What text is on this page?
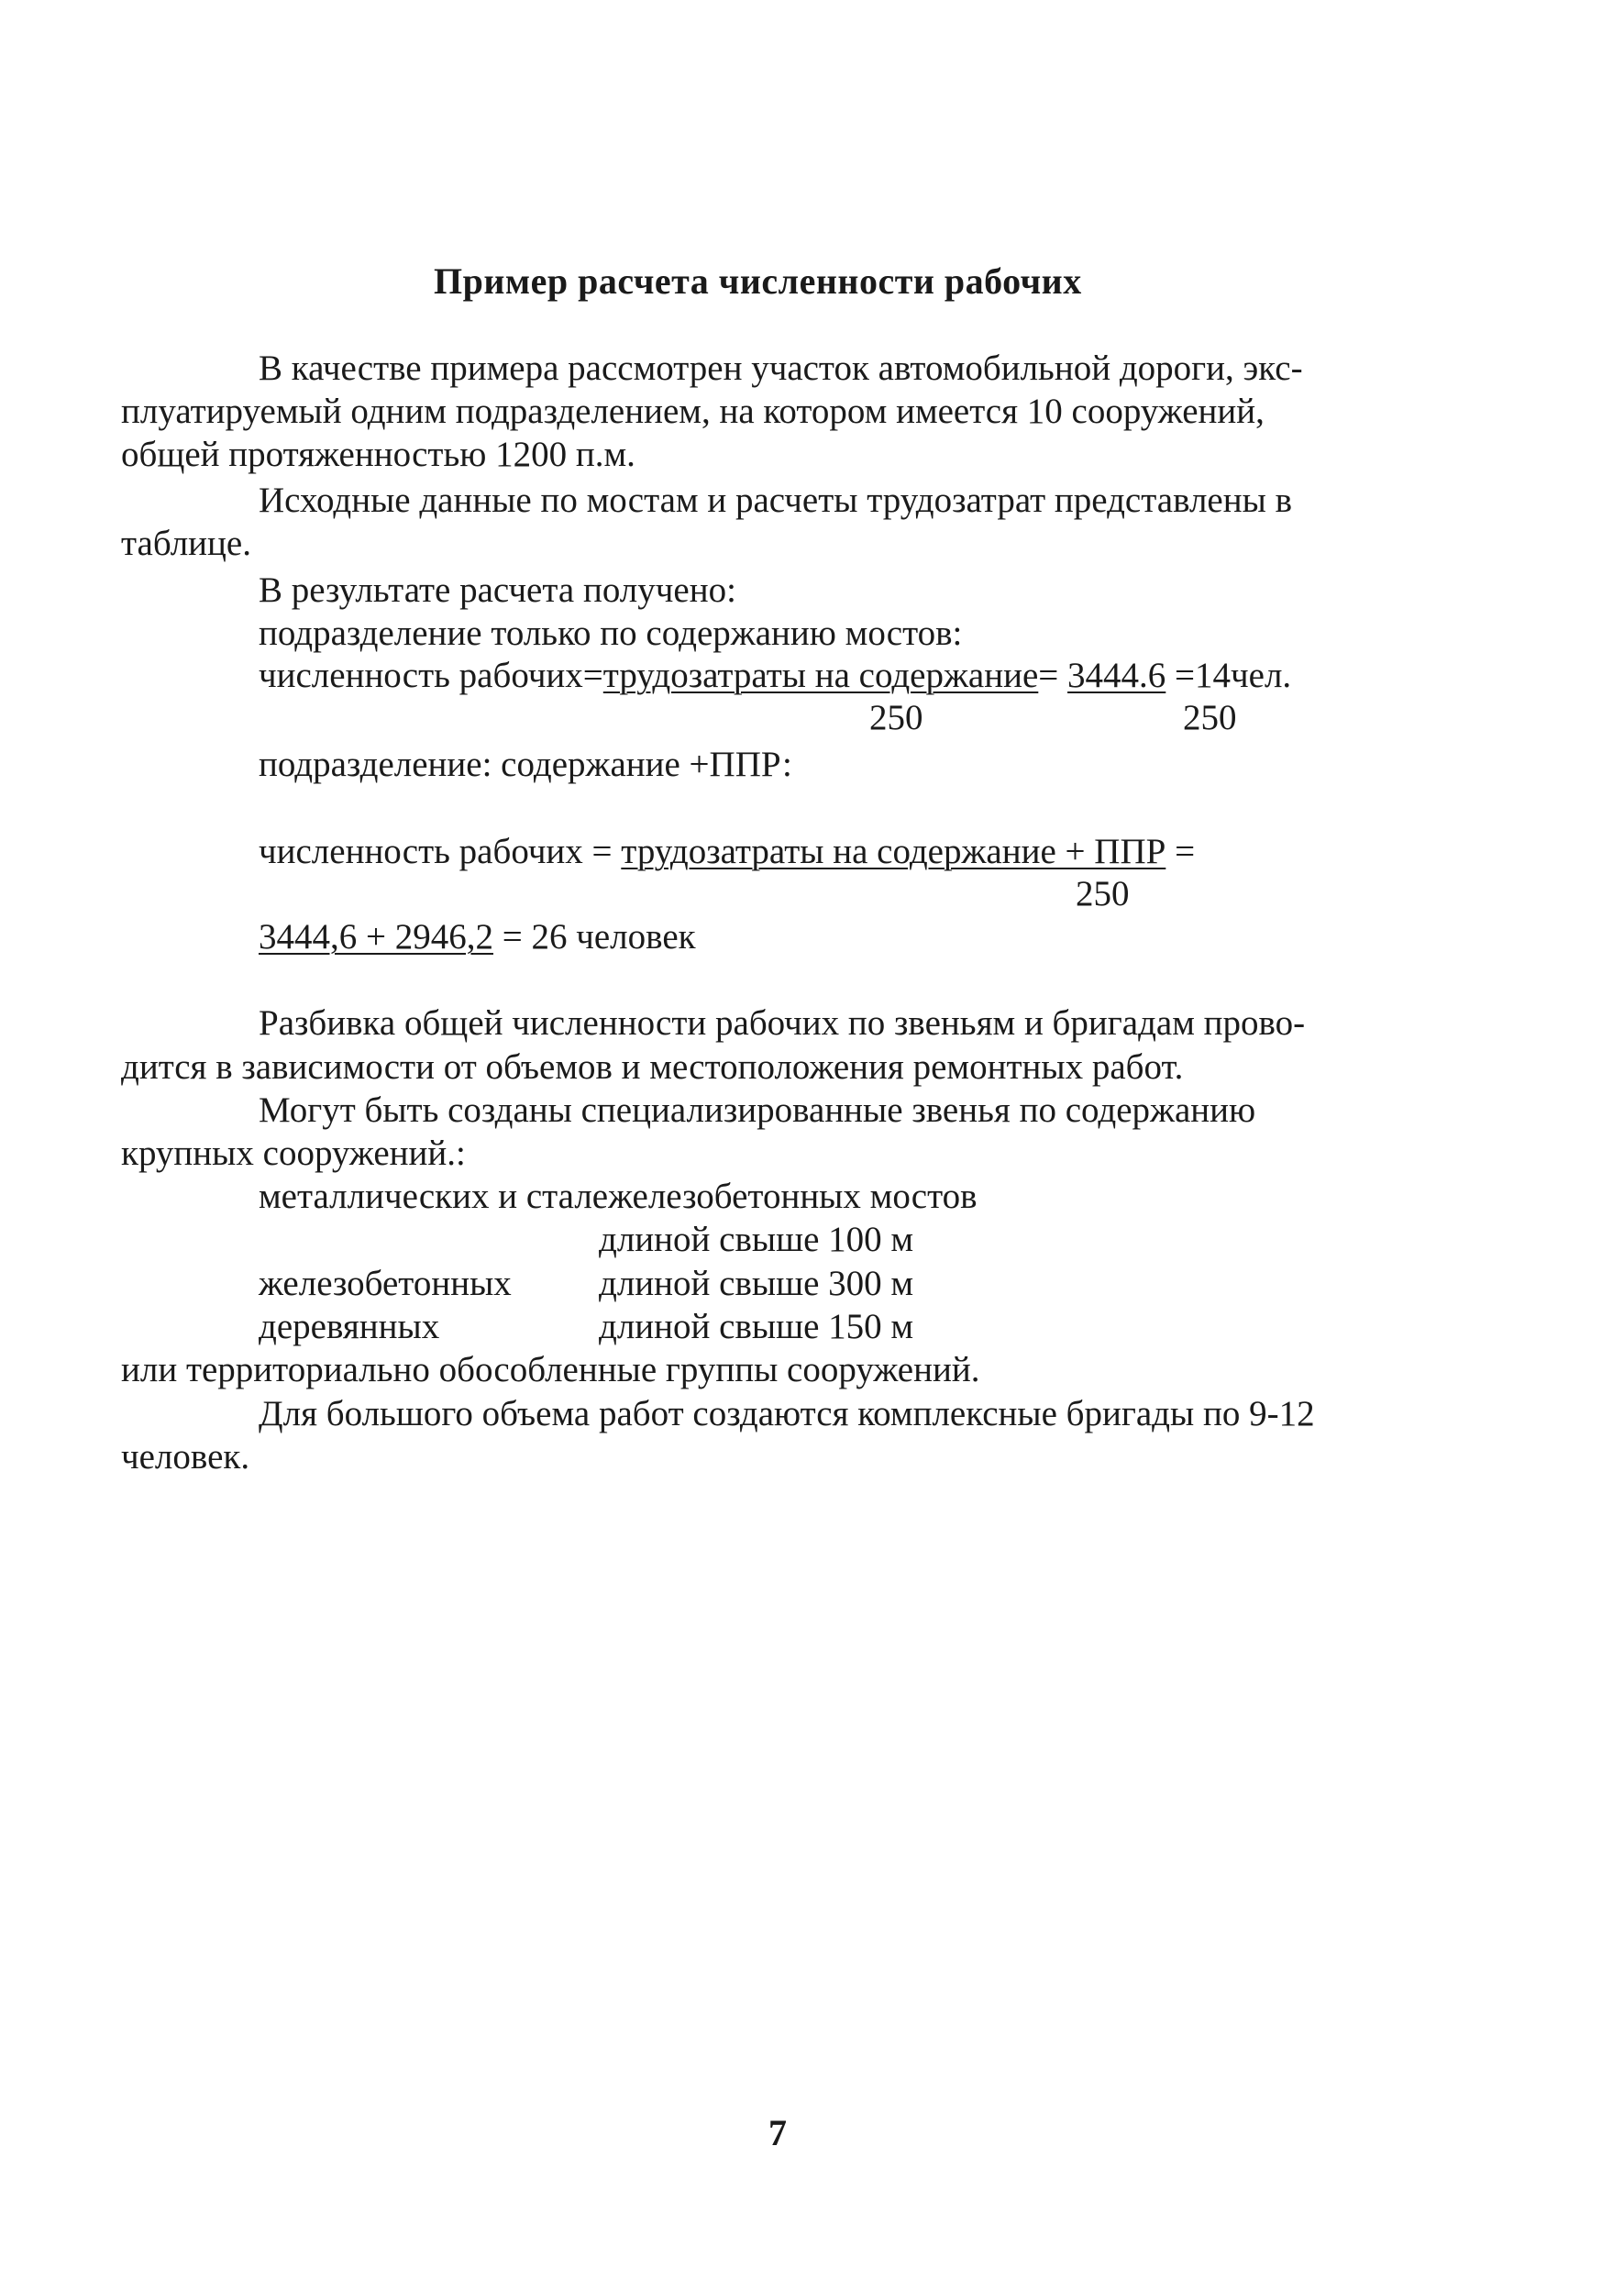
Пример расчета численности рабочих
В качестве примера рассмотрен участок автомобильной дороги, экс-
плуатируемый одним подразделением, на котором имеется 10 сооружений,
общей протяженностью 1200 п.м.
Исходные данные по мостам и расчеты трудозатрат представлены в
таблице.
В результате расчета получено:
подразделение только по содержанию мостов:
численность рабочих=трудозатраты на содержание= 3444.6 =14чел.
250	250
подразделение: содержание +ППР:
численность рабочих = трудозатраты на содержание + ППР =
250
3444,6 + 2946,2 = 26 человек
Разбивка общей численности рабочих по звеньям и бригадам прово-
дится в зависимости от объемов и местоположения ремонтных работ.
Могут быть созданы специализированные звенья по содержанию
крупных сооружений.:
металлических и сталежелезобетонных мостов
длиной свыше 100 м
железобетонных длиной свыше 300 м
деревянных	длиной свыше 150 м
или территориально обособленные группы сооружений.
Для большого объема работ создаются комплексные бригады по 9-12
человек.
7
